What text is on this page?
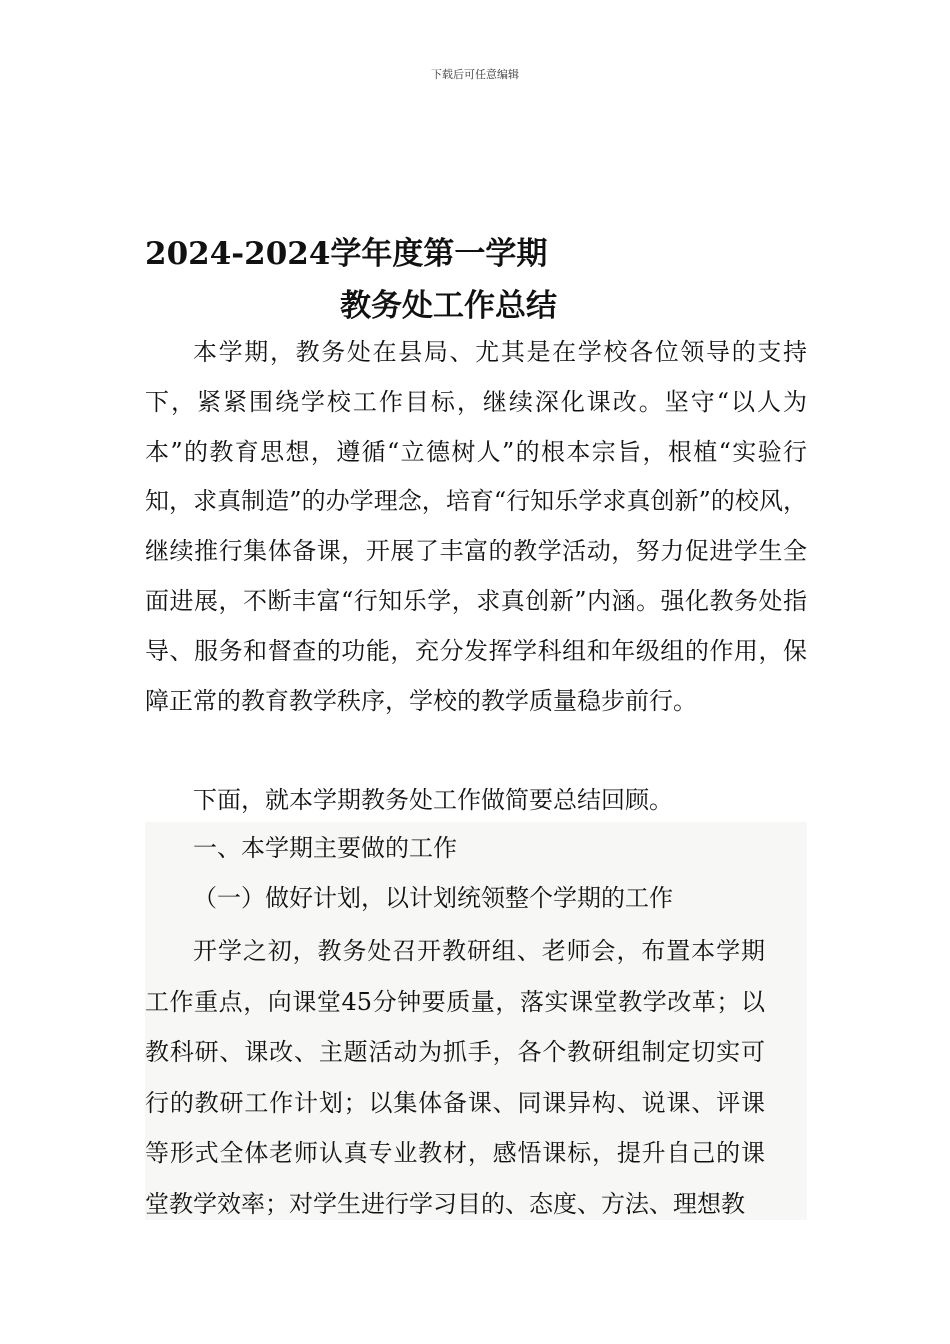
下载后可任意编辑
2024-2024学年度第一学期
教务处工作总结

本学期，教务处在县局、尤其是在学校各位领导的支持下，紧紧围绕学校工作目标，继续深化课改。坚守“以人为本”的教育思想，遵循“立德树人”的根本宗旨，根植“实验行知，求真制造”的办学理念，培育“行知乐学求真创新”的校风，继续推行集体备课，开展了丰富的教学活动，努力促进学生全面进展，不断丰富“行知乐学，求真创新”内涵。强化教务处指导、服务和督查的功能，充分发挥学科组和年级组的作用，保障正常的教育教学秩序，学校的教学质量稳步前行。

下面，就本学期教务处工作做简要总结回顾。

一、本学期主要做的工作

（一）做好计划，以计划统领整个学期的工作

开学之初，教务处召开教研组、老师会，布置本学期工作重点，向课堂45分钟要质量，落实课堂教学改革；以教科研、课改、主题活动为抓手，各个教研组制定切实可行的教研工作计划；以集体备课、同课异构、说课、评课等形式全体老师认真专业教材，感悟课标，提升自己的课堂教学效率；对学生进行学习目的、态度、方法、理想教
